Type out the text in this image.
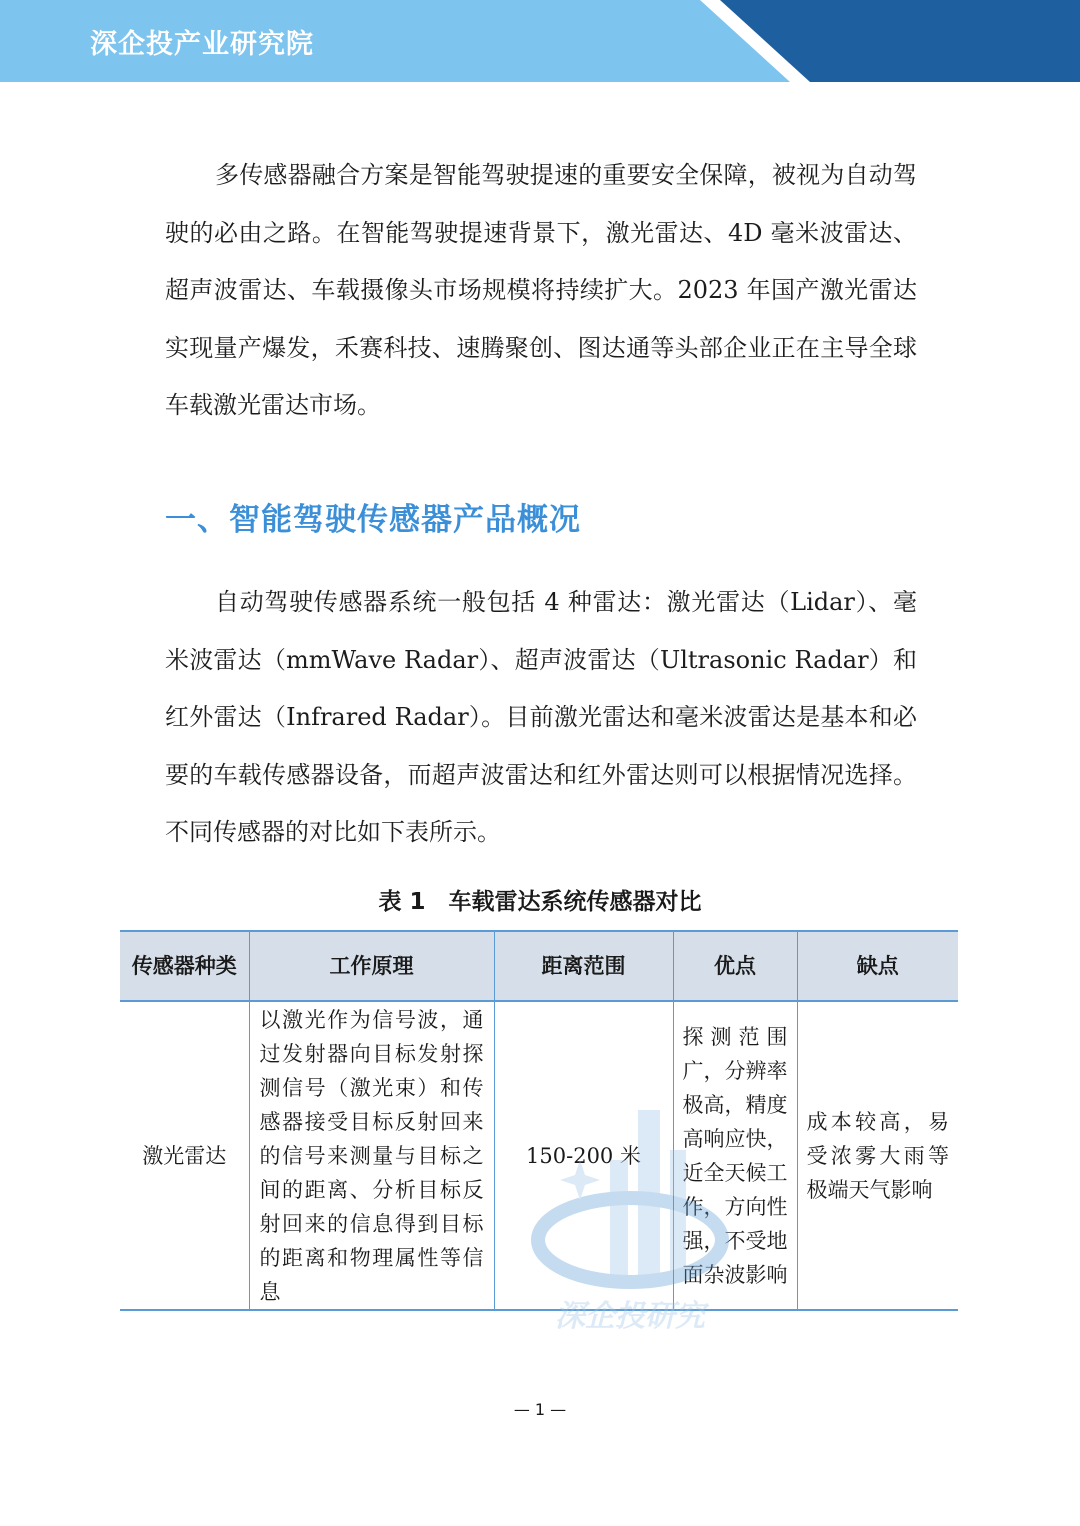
深企投产业研究院

多传感器融合方案是智能驾驶提速的重要安全保障，被视为自动驾驶的必由之路。在智能驾驶提速背景下，激光雷达、4D 毫米波雷达、超声波雷达、车载摄像头市场规模将持续扩大。2023 年国产激光雷达实现量产爆发，禾赛科技、速腾聚创、图达通等头部企业正在主导全球车载激光雷达市场。

一、智能驾驶传感器产品概况

自动驾驶传感器系统一般包括 4 种雷达：激光雷达（Lidar）、毫米波雷达（mmWave Radar）、超声波雷达（Ultrasonic Radar）和红外雷达（Infrared Radar）。目前激光雷达和毫米波雷达是基本和必要的车载传感器设备，而超声波雷达和红外雷达则可以根据情况选择。不同传感器的对比如下表所示。

表 1　车载雷达系统传感器对比

传感器种类	工作原理	距离范围	优点	缺点
激光雷达	以激光作为信号波，通过发射器向目标发射探测信号（激光束）和传感器接受目标反射回来的信号来测量与目标之间的距离、分析目标反射回来的信息得到目标的距离和物理属性等信息	150-200 米	探测范围广，分辨率极高，精度高响应快，近全天候工作，方向性强，不受地面杂波影响	成本较高，易受浓雾大雨等极端天气影响
深企投研究

— 1 —
